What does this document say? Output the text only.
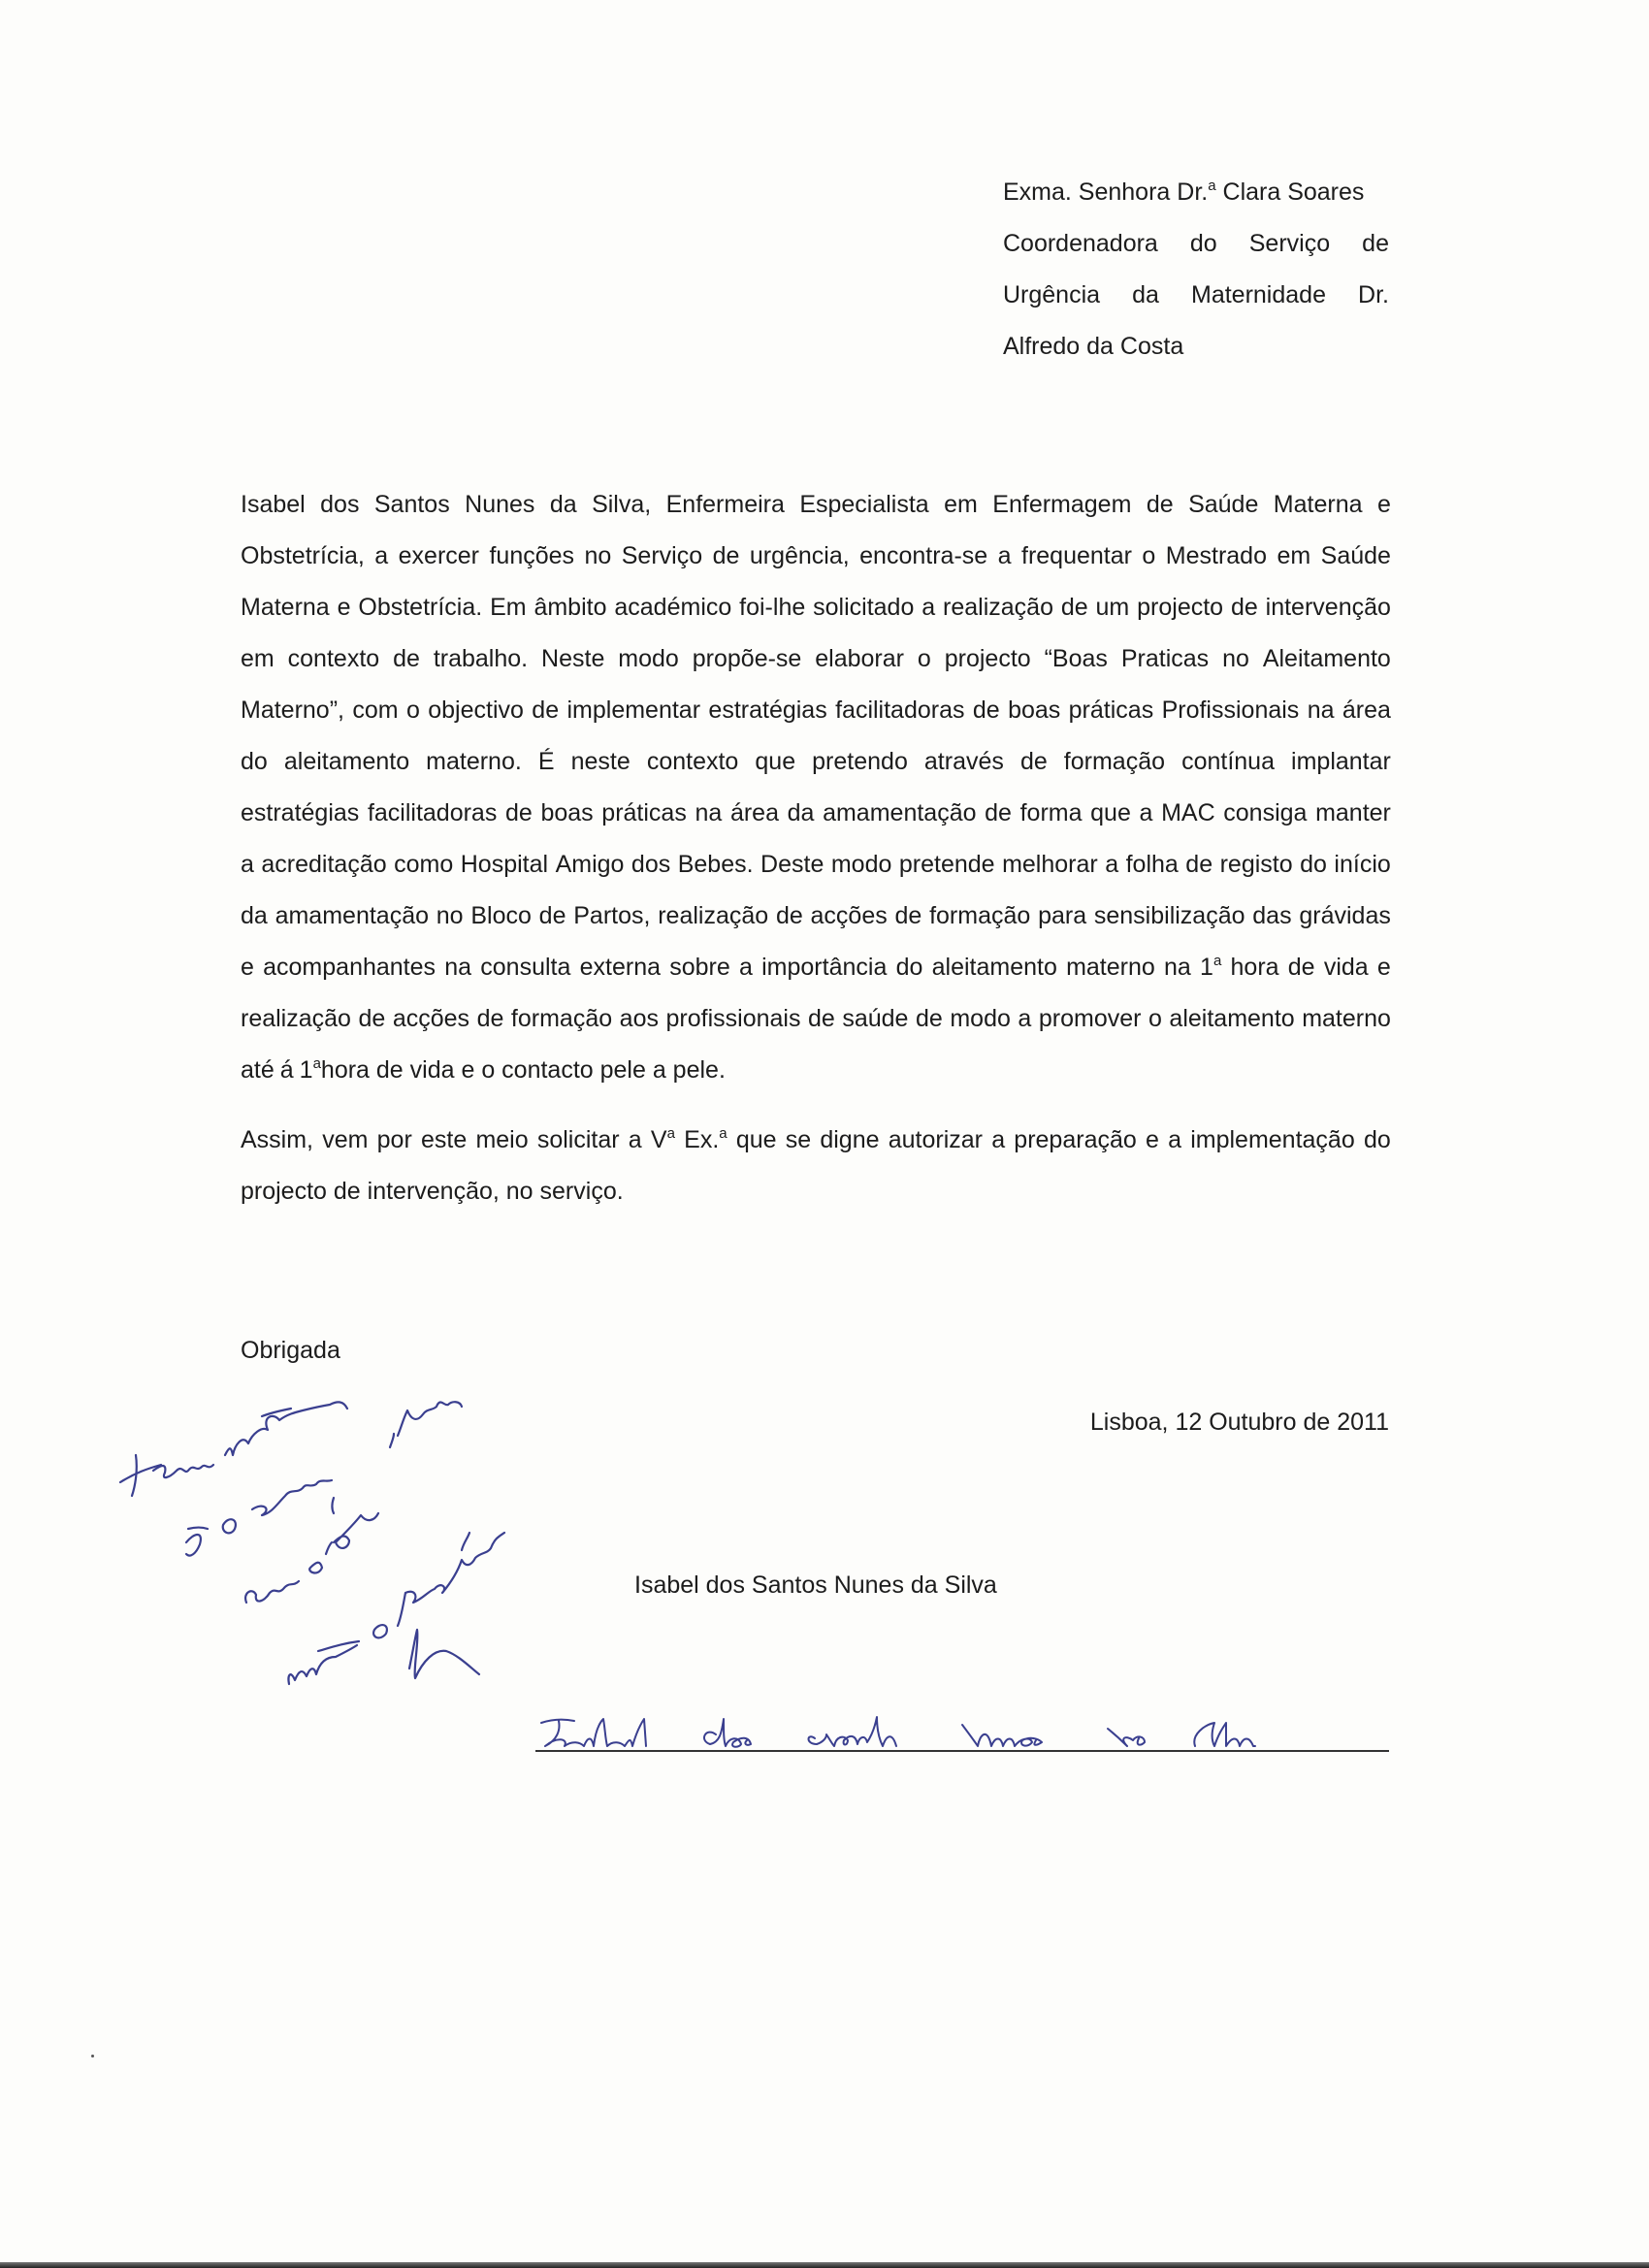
Exma. Senhora Dr.$^a$ Clara Soares
Coordenadora do Serviço de
Urgência da Maternidade Dr.
Alfredo da Costa
Isabel dos Santos Nunes da Silva, Enfermeira Especialista em Enfermagem de Saúde Materna e
Obstetrícia, a exercer funções no Serviço de urgência, encontra-se a frequentar o Mestrado em Saúde
Materna e Obstetrícia. Em âmbito académico foi-lhe solicitado a realização de um projecto de intervenção
em contexto de trabalho. Neste modo propõe-se elaborar o projecto “Boas Praticas no Aleitamento
Materno”, com o objectivo de implementar estratégias facilitadoras de boas práticas Profissionais na área
do aleitamento materno. É neste contexto que pretendo através de formação contínua implantar
estratégias facilitadoras de boas práticas na área da amamentação de forma que a MAC consiga manter
a acreditação como Hospital Amigo dos Bebes. Deste modo pretende melhorar a folha de registo do início
da amamentação no Bloco de Partos, realização de acções de formação para sensibilização das grávidas
e acompanhantes na consulta externa sobre a importância do aleitamento materno na 1$^a$ hora de vida e
realização de acções de formação aos profissionais de saúde de modo a promover o aleitamento materno
até á 1$^a$hora de vida e o contacto pele a pele.
Assim, vem por este meio solicitar a $V^a$ Ex.$^a$ que se digne autorizar a preparação e a implementação do
projecto de intervenção, no serviço.
Obrigada
Lisboa, 12 Outubro de 2011
Isabel dos Santos Nunes da Silva
